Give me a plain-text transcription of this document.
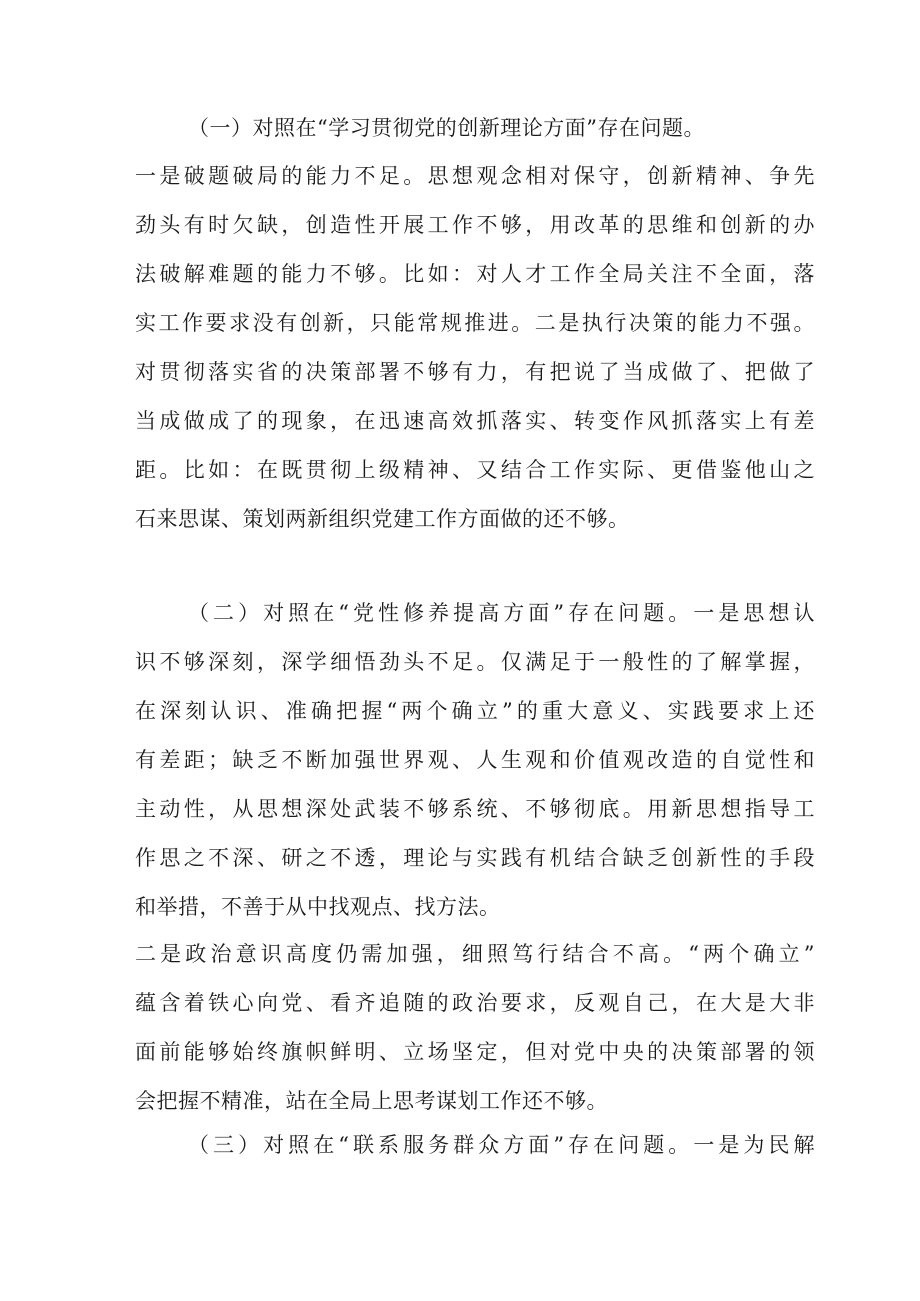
（一）对照在“学习贯彻党的创新理论方面”存在问题。
一是破题破局的能力不足。思想观念相对保守，创新精神、争先
劲头有时欠缺，创造性开展工作不够，用改革的思维和创新的办
法破解难题的能力不够。比如：对人才工作全局关注不全面，落
实工作要求没有创新，只能常规推进。二是执行决策的能力不强。
对贯彻落实省的决策部署不够有力，有把说了当成做了、把做了
当成做成了的现象，在迅速高效抓落实、转变作风抓落实上有差
距。比如：在既贯彻上级精神、又结合工作实际、更借鉴他山之
石来思谋、策划两新组织党建工作方面做的还不够。
（二）对照在“党性修养提高方面”存在问题。一是思想认
识不够深刻，深学细悟劲头不足。仅满足于一般性的了解掌握，
在深刻认识、准确把握“两个确立”的重大意义、实践要求上还
有差距；缺乏不断加强世界观、人生观和价值观改造的自觉性和
主动性，从思想深处武装不够系统、不够彻底。用新思想指导工
作思之不深、研之不透，理论与实践有机结合缺乏创新性的手段
和举措，不善于从中找观点、找方法。
二是政治意识高度仍需加强，细照笃行结合不高。“两个确立”
蕴含着铁心向党、看齐追随的政治要求，反观自己，在大是大非
面前能够始终旗帜鲜明、立场坚定，但对党中央的决策部署的领
会把握不精准，站在全局上思考谋划工作还不够。
（三）对照在“联系服务群众方面”存在问题。一是为民解
